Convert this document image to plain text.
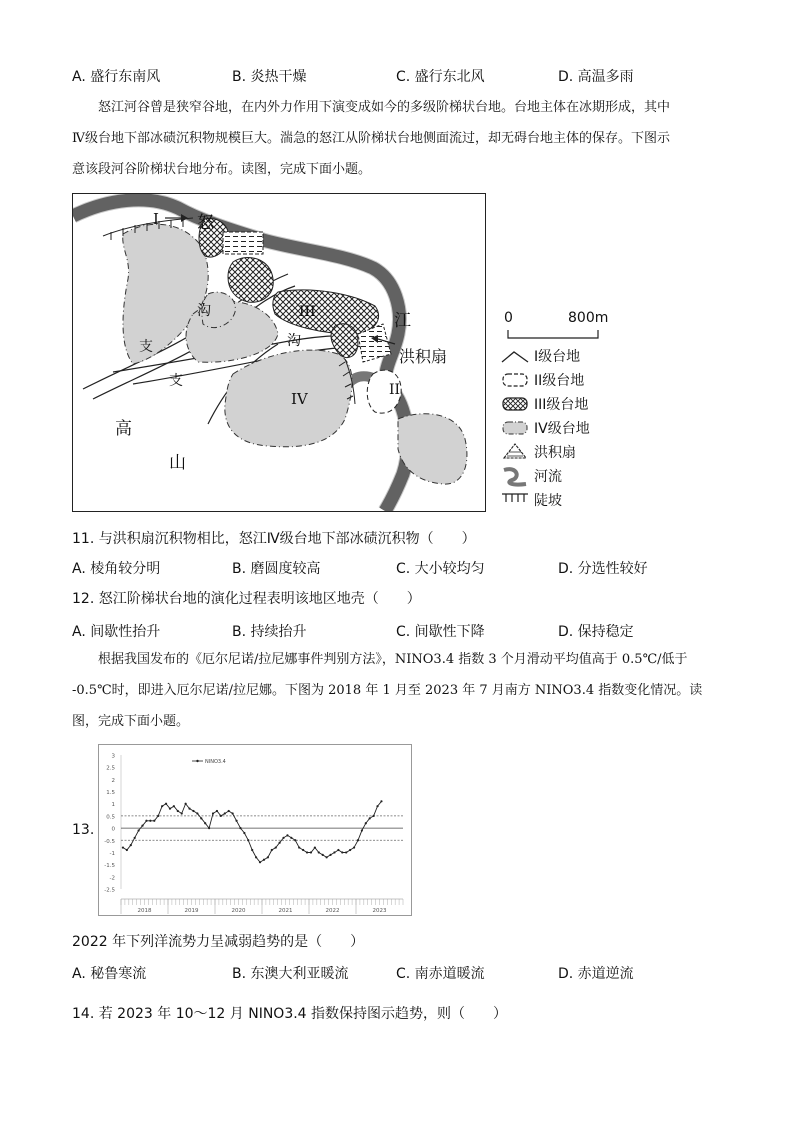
A. 盛行东南风	B. 炎热干燥	C. 盛行东北风	D. 高温多雨
怒江河谷曾是狭窄谷地，在内外力作用下演变成如今的多级阶梯状台地。台地主体在冰期形成，其中
Ⅳ级台地下部冰碛沉积物规模巨大。湍急的怒江从阶梯状台地侧面流过，却无碍台地主体的保存。下图示
意该段河谷阶梯状台地分布。读图，完成下面小题。
I 怒
江
III
IV	II
沟
沟
支
支
高
山
洪积扇
0	800m
I级台地
II级台地
III级台地
IV级台地
洪积扇
河流
陡坡
11. 与洪积扇沉积物相比，怒江Ⅳ级台地下部冰碛沉积物（　　）
A. 棱角较分明	B. 磨圆度较高	C. 大小较均匀	D. 分选性较好
12. 怒江阶梯状台地的演化过程表明该地区地壳（　　）
A. 间歇性抬升	B. 持续抬升	C. 间歇性下降	D. 保持稳定
根据我国发布的《厄尔尼诺/拉尼娜事件判别方法》，NINO3.4 指数 3 个月滑动平均值高于 0.5℃/低于
-0.5℃时，即进入厄尔尼诺/拉尼娜。下图为 2018 年 1 月至 2023 年 7 月南方 NINO3.4 指数变化情况。读
图，完成下面小题。
13.
3
2.5
2
1.5
1
0.5
0
-0.5
-1
-1.5
-2
-2.5
2018	2019	2020	2021	2022	2023
NINO3.4
2022 年下列洋流势力呈减弱趋势的是（　　）
A. 秘鲁寒流	B. 东澳大利亚暖流	C. 南赤道暖流	D. 赤道逆流
14. 若 2023 年 10～12 月 NINO3.4 指数保持图示趋势，则（　　）
